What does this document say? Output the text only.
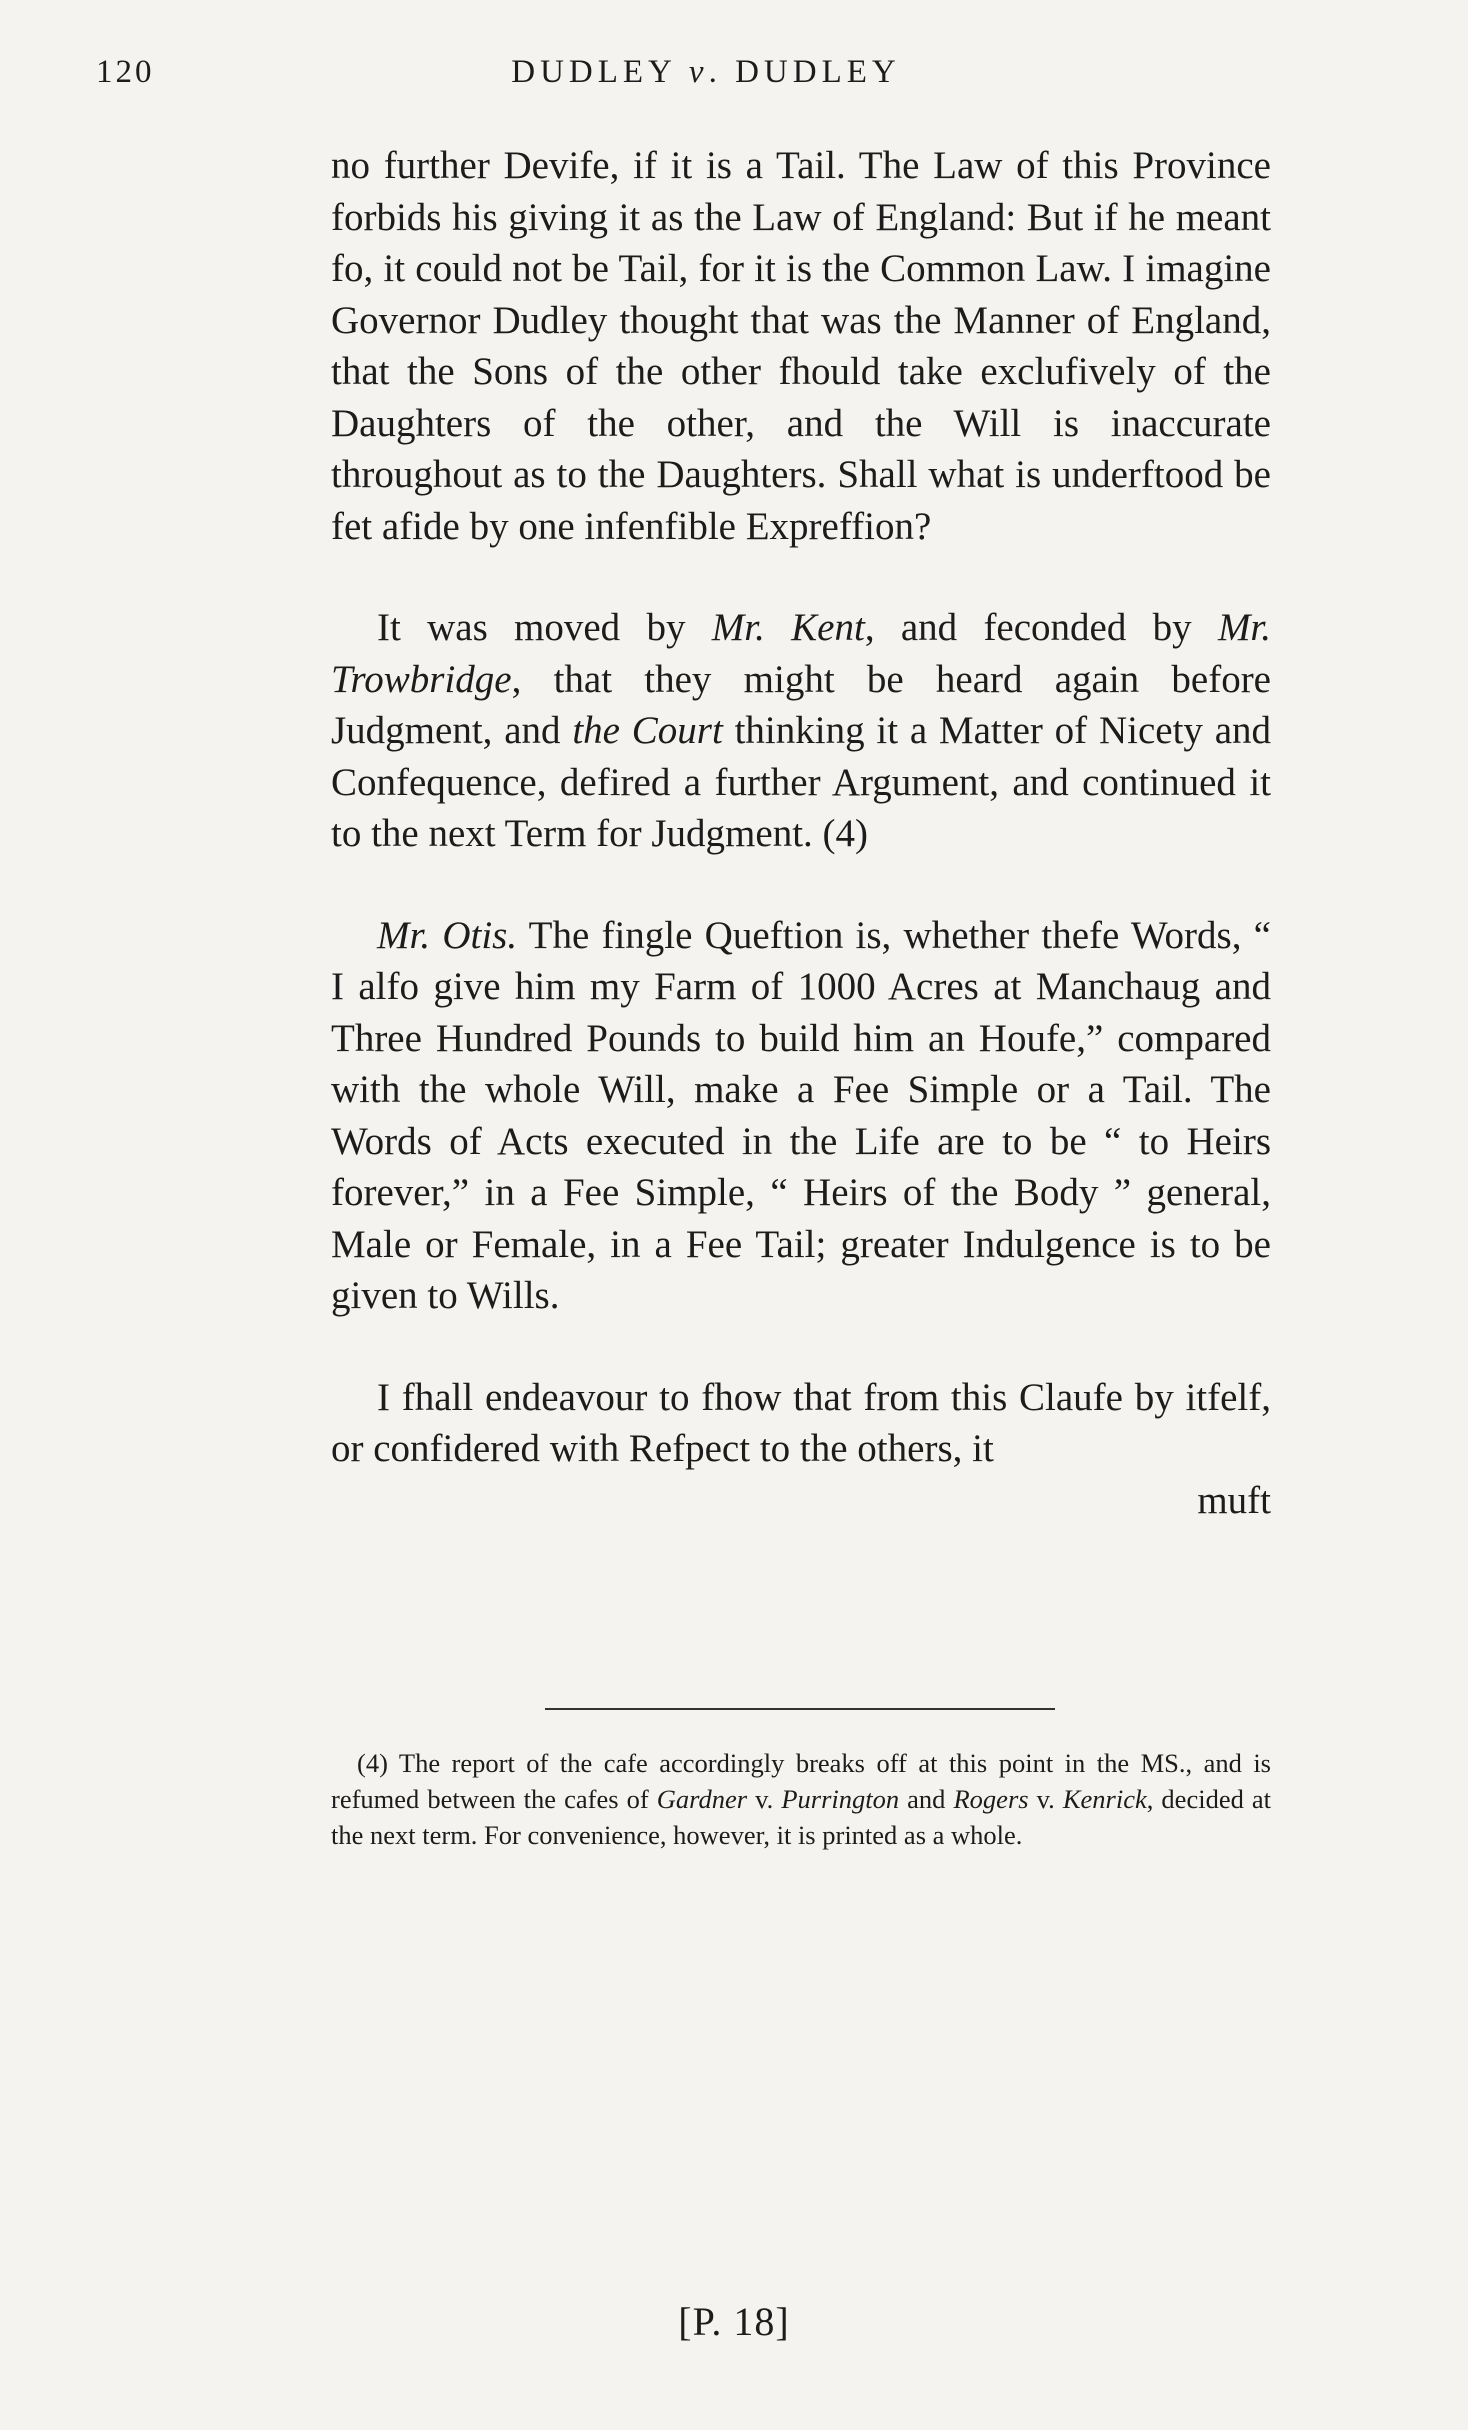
120	DUDLEY v. DUDLEY

no further Devife, if it is a Tail. The Law of this Province forbids his giving it as the Law of England: But if he meant fo, it could not be Tail, for it is the Common Law. I imagine Governor Dudley thought that was the Manner of England, that the Sons of the other fhould take exclufively of the Daughters of the other, and the Will is inaccurate throughout as to the Daughters. Shall what is underftood be fet afide by one infenfible Expreffion?

It was moved by Mr. Kent, and feconded by Mr. Trowbridge, that they might be heard again before Judgment, and the Court thinking it a Matter of Nicety and Confequence, defired a further Argument, and continued it to the next Term for Judgment. (4)

Mr. Otis. The fingle Queftion is, whether thefe Words, “ I alfo give him my Farm of 1000 Acres at Manchaug and Three Hundred Pounds to build him an Houfe,” compared with the whole Will, make a Fee Simple or a Tail. The Words of Acts executed in the Life are to be “ to Heirs forever,” in a Fee Simple, “ Heirs of the Body ” general, Male or Female, in a Fee Tail; greater Indulgence is to be given to Wills.

I fhall endeavour to fhow that from this Claufe by itfelf, or confidered with Refpect to the others, it

muft

(4) The report of the cafe accordingly breaks off at this point in the MS., and is refumed between the cafes of Gardner v. Purrington and Rogers v. Kenrick, decided at the next term. For convenience, however, it is printed as a whole.

[P. 18]
